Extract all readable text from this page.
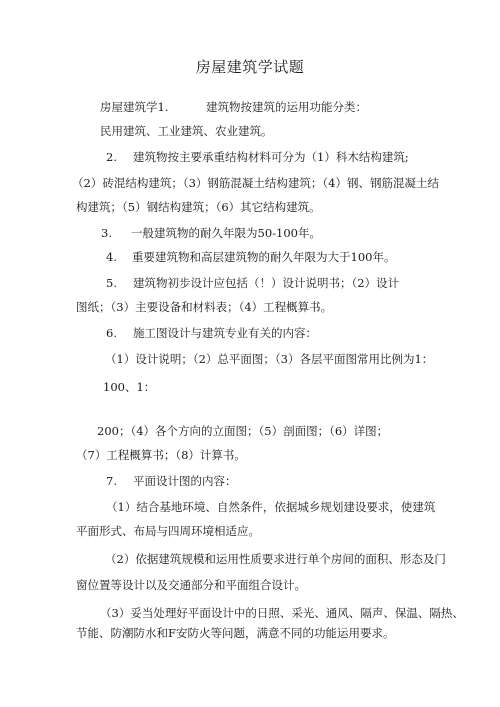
房屋建筑学试题
房屋建筑学1.	建筑物按建筑的运用功能分类：
民用建筑、工业建筑、农业建筑。
2. 建筑物按主要承重结构材料可分为（1）科木结构建筑;
（2）砖混结构建筑；（3）钢筋混凝土结构建筑；（4）钢、钢筋混凝土结
构建筑；（5）钢结构建筑；（6）其它结构建筑。
3. 一般建筑物的耐久年限为50-100年。
4. 重要建筑物和高层建筑物的耐久年限为大于100年。
5. 建筑物初步设计应包括（！）设计说明书；（2）设计
图纸；（3）主要设备和材料表；（4）工程概算书。
6. 施工图设计与建筑专业有关的内容：
（1）设计说明；（2）总平面图；（3）各层平面图常用比例为1：
100、1：
200；（4）各个方向的立面图；（5）剖面图；（6）详图；
（7）工程概算书；（8）计算书。
7. 平面设计图的内容：
（1）结合基地环境、自然条件，依据城乡规划建设要求，使建筑
平面形式、布局与四周环境相适应。
（2）依据建筑规模和运用性质要求进行单个房间的面积、形态及门
窗位置等设计以及交通部分和平面组合设计。
（3）妥当处理好平面设计中的日照、采光、通风、隔声、保温、隔热、
节能、防潮防水和F安防火等问题，满意不同的功能运用要求。
